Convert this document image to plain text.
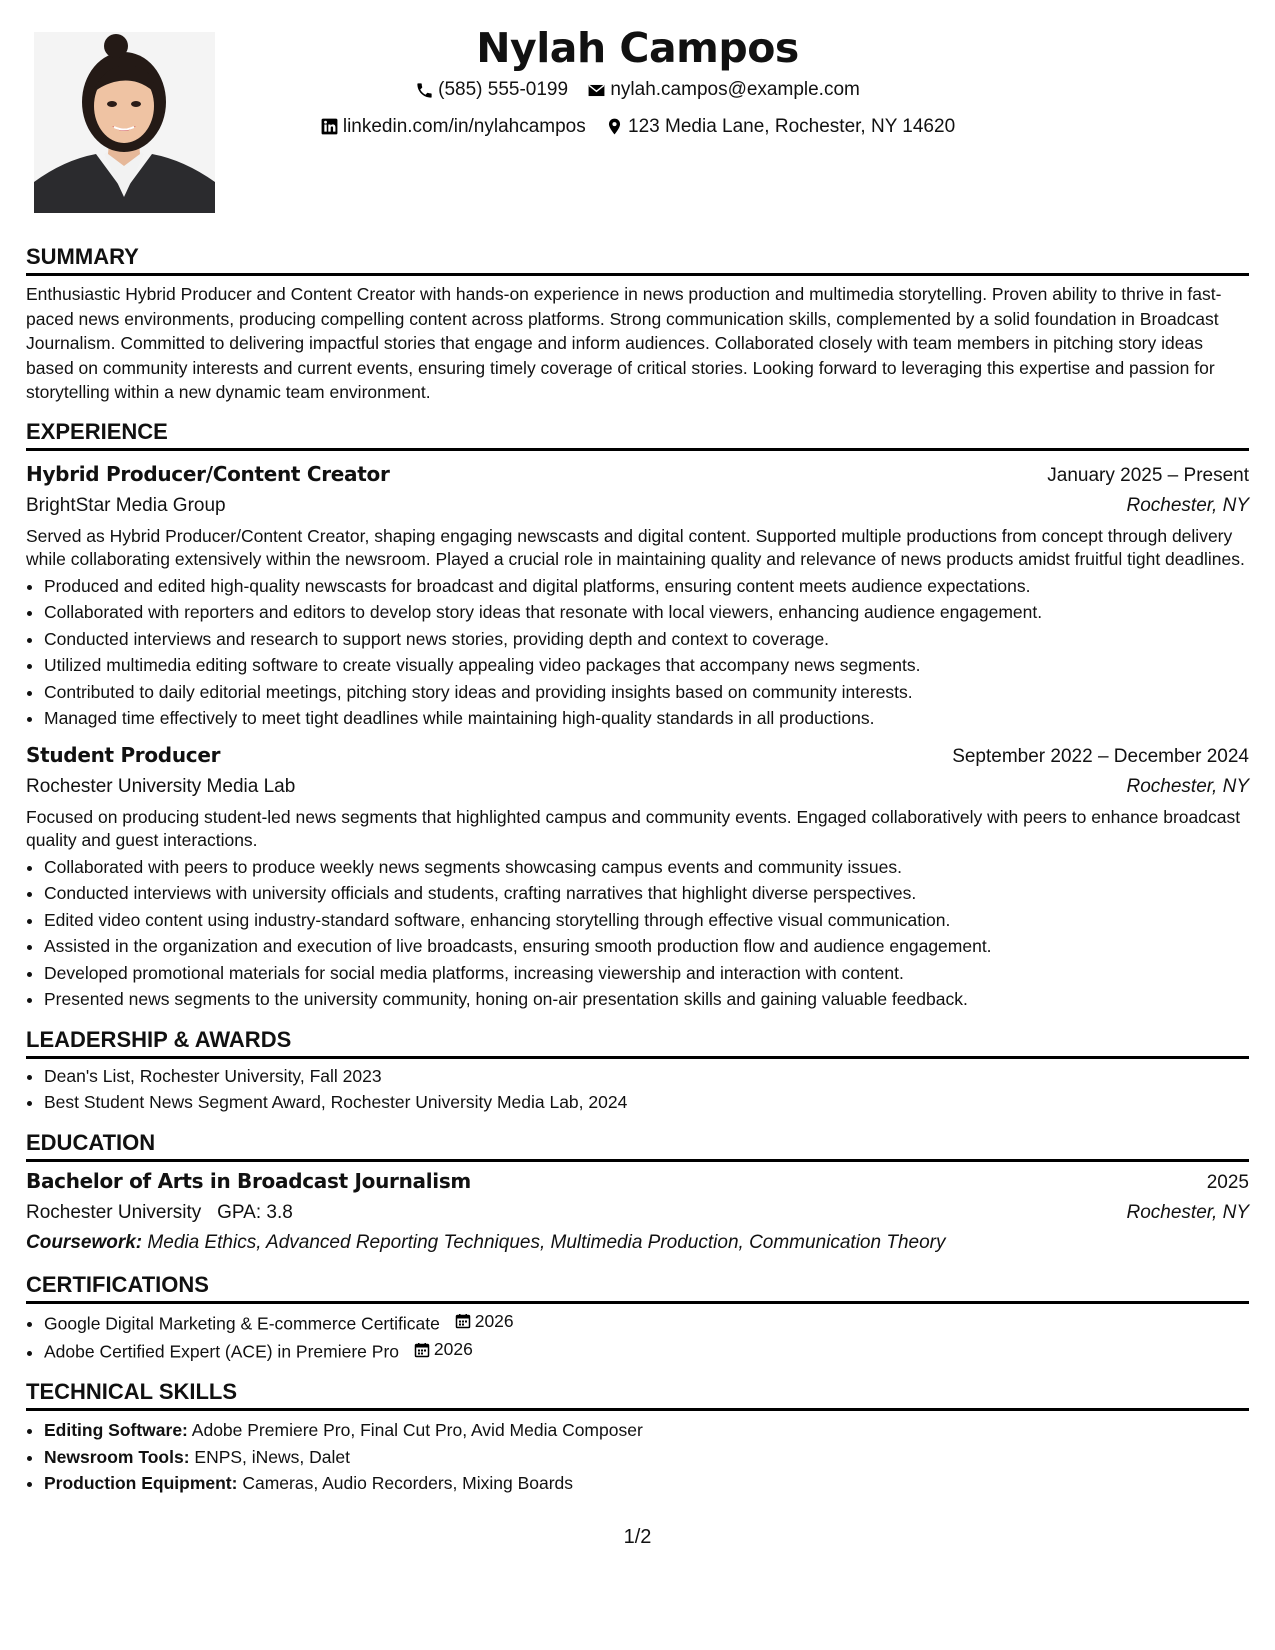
Nylah Campos
(585) 555-0199
nylah.campos@example.com
linkedin.com/in/nylahcampos
123 Media Lane, Rochester, NY 14620
SUMMARY

Enthusiastic Hybrid Producer and Content Creator with hands-on experience in news production and multimedia storytelling. Proven ability to thrive in fast-paced news environments, producing compelling content across platforms. Strong communication skills, complemented by a solid foundation in Broadcast Journalism. Committed to delivering impactful stories that engage and inform audiences. Collaborated closely with team members in pitching story ideas based on community interests and current events, ensuring timely coverage of critical stories. Looking forward to leveraging this expertise and passion for storytelling within a new dynamic team environment.

EXPERIENCE
Hybrid Producer/Content Creator	January 2025 – Present
BrightStar Media Group	Rochester, NY

Served as Hybrid Producer/Content Creator, shaping engaging newscasts and digital content. Supported multiple productions from concept through delivery while collaborating extensively within the newsroom. Played a crucial role in maintaining quality and relevance of news products amidst fruitful tight deadlines.

• Produced and edited high-quality newscasts for broadcast and digital platforms, ensuring content meets audience expectations.
• Collaborated with reporters and editors to develop story ideas that resonate with local viewers, enhancing audience engagement.
• Conducted interviews and research to support news stories, providing depth and context to coverage.
• Utilized multimedia editing software to create visually appealing video packages that accompany news segments.
• Contributed to daily editorial meetings, pitching story ideas and providing insights based on community interests.
• Managed time effectively to meet tight deadlines while maintaining high-quality standards in all productions.
Student Producer	September 2022 – December 2024
Rochester University Media Lab	Rochester, NY

Focused on producing student-led news segments that highlighted campus and community events. Engaged collaboratively with peers to enhance broadcast quality and guest interactions.

• Collaborated with peers to produce weekly news segments showcasing campus events and community issues.
• Conducted interviews with university officials and students, crafting narratives that highlight diverse perspectives.
• Edited video content using industry-standard software, enhancing storytelling through effective visual communication.
• Assisted in the organization and execution of live broadcasts, ensuring smooth production flow and audience engagement.
• Developed promotional materials for social media platforms, increasing viewership and interaction with content.
• Presented news segments to the university community, honing on-air presentation skills and gaining valuable feedback.
LEADERSHIP & AWARDS
• Dean's List, Rochester University, Fall 2023
• Best Student News Segment Award, Rochester University Media Lab, 2024
EDUCATION
Bachelor of Arts in Broadcast Journalism	2025
Rochester University GPA: 3.8	Rochester, NY
Coursework: Media Ethics, Advanced Reporting Techniques, Multimedia Production, Communication Theory
CERTIFICATIONS
• Google Digital Marketing & E-commerce Certificate 2026
• Adobe Certified Expert (ACE) in Premiere Pro 2026
TECHNICAL SKILLS
• Editing Software: Adobe Premiere Pro, Final Cut Pro, Avid Media Composer
• Newsroom Tools: ENPS, iNews, Dalet
• Production Equipment: Cameras, Audio Recorders, Mixing Boards
1/2
